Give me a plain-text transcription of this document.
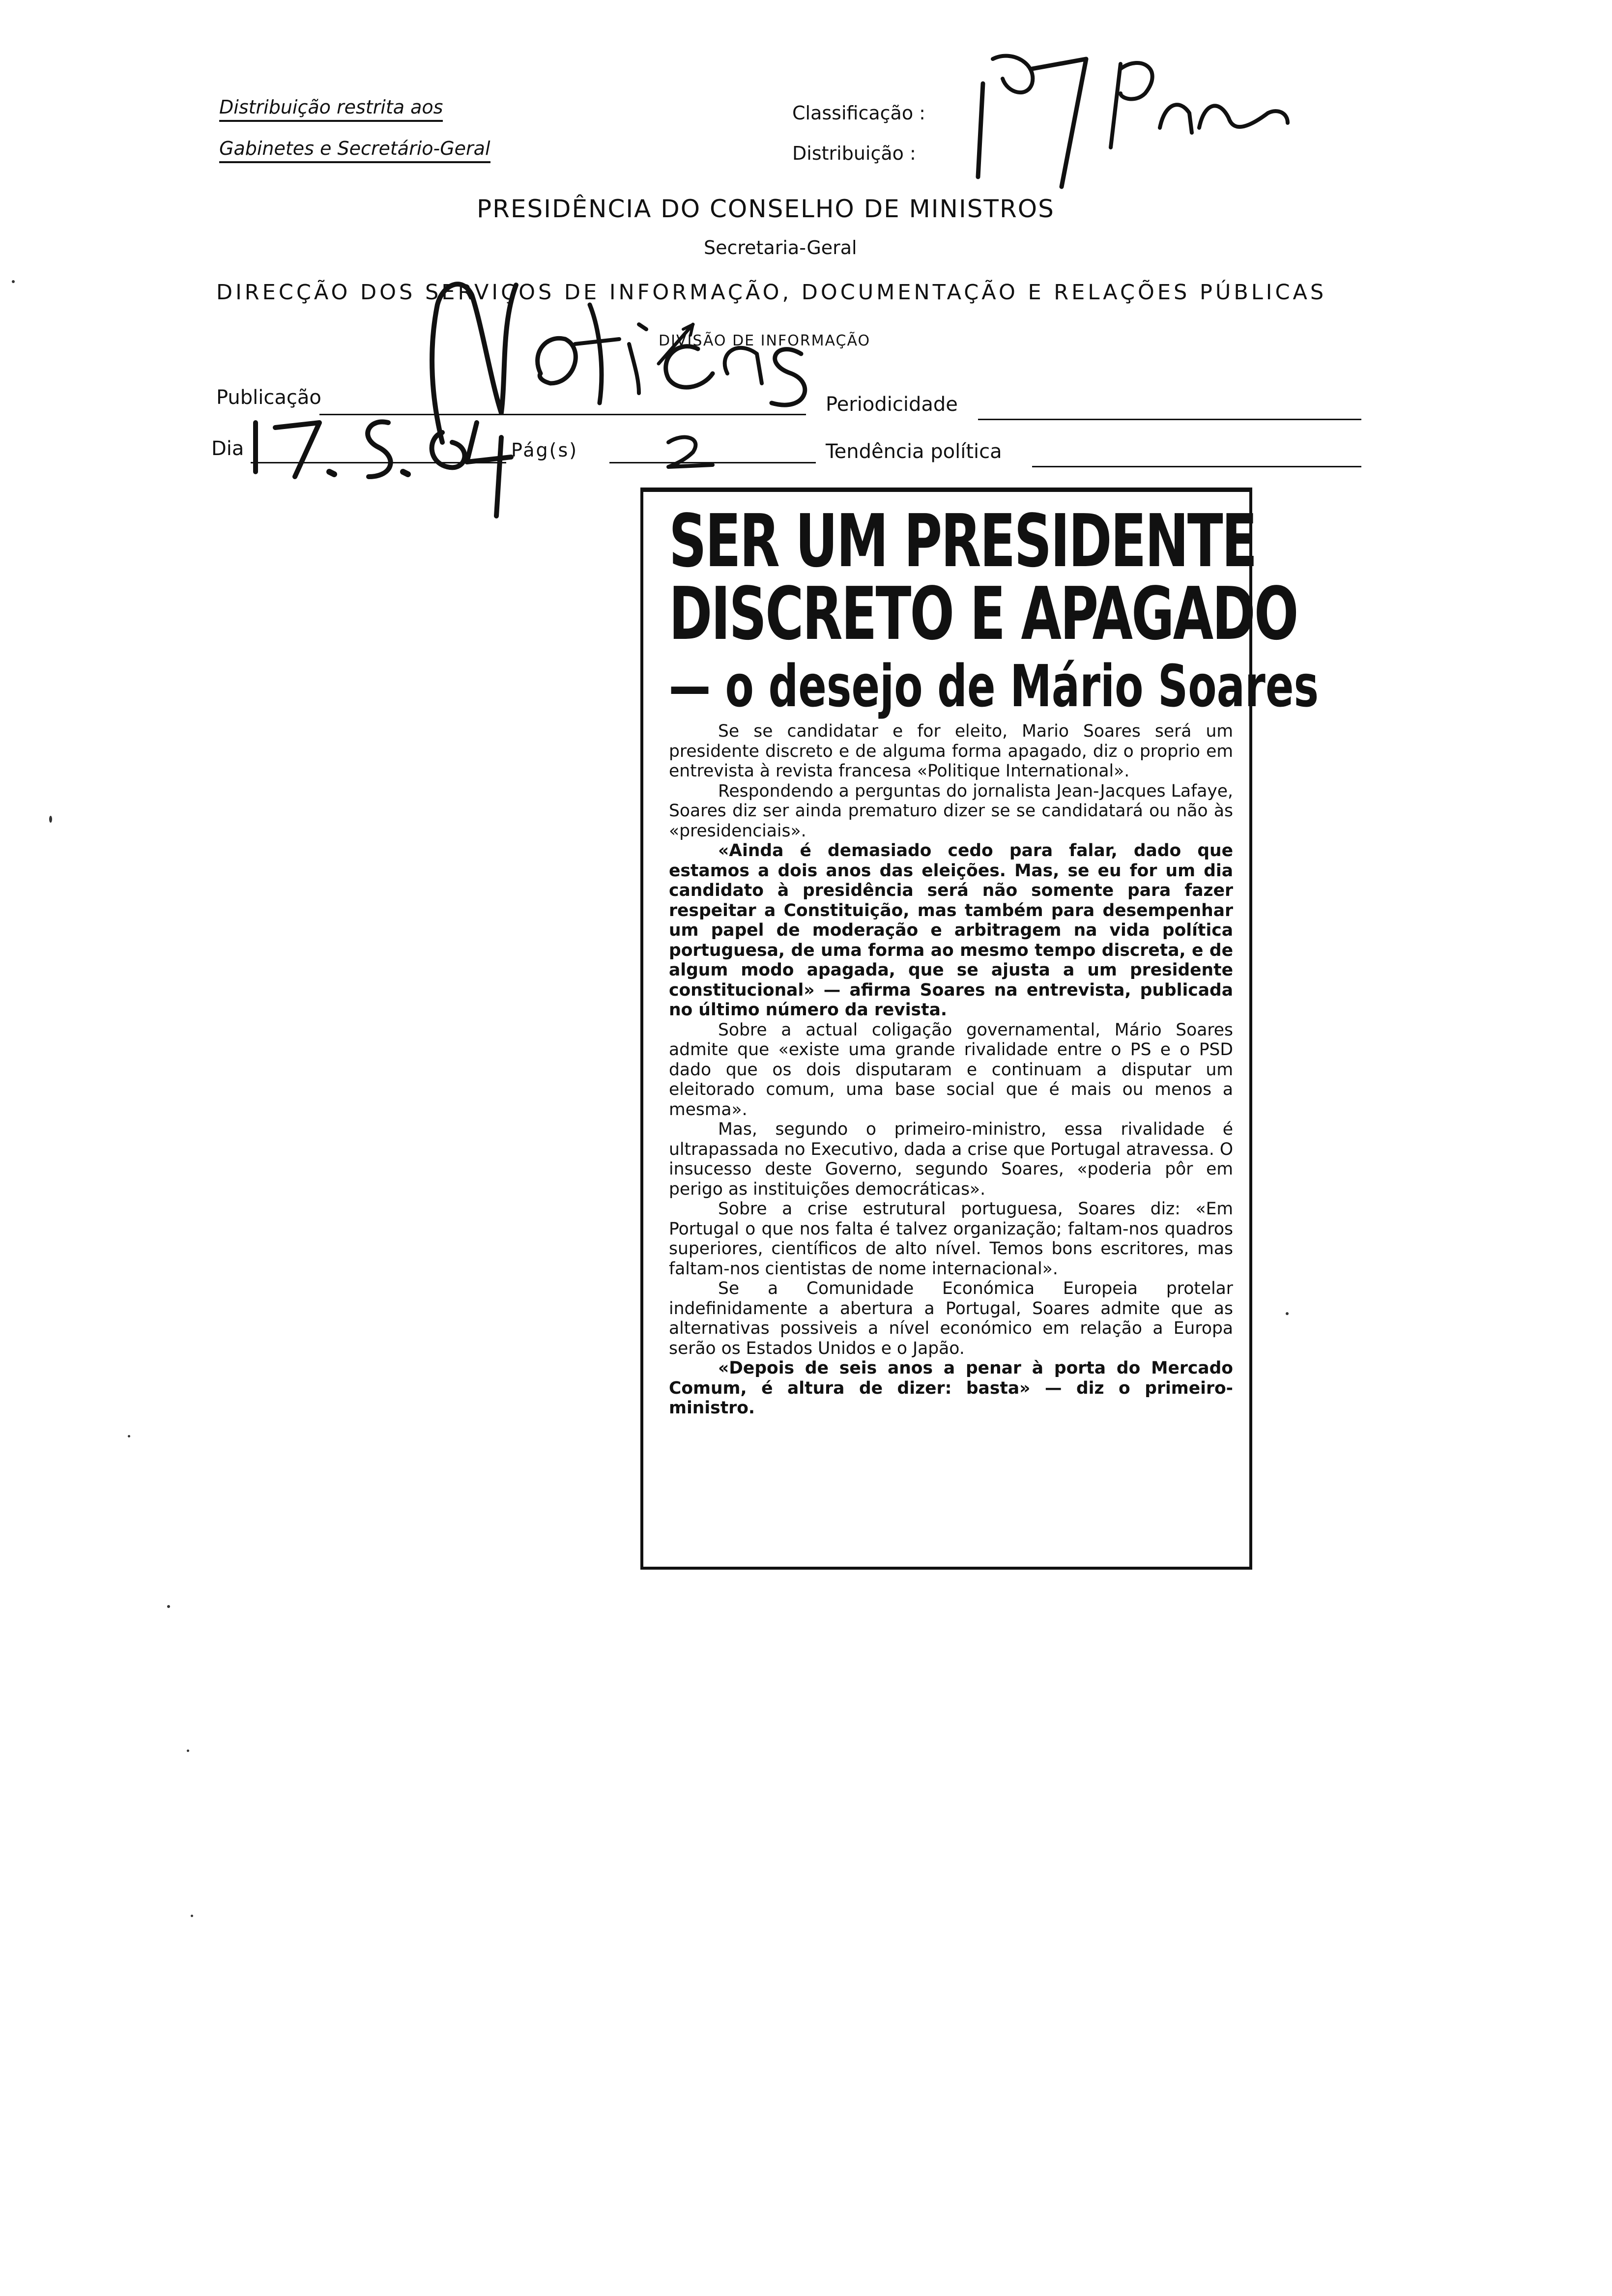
Distribuição restrita aos
Gabinetes e Secretário-Geral
Classificação :
Distribuição :
PRESIDÊNCIA DO CONSELHO DE MINISTROS
Secretaria-Geral
DIRECÇÃO DOS SERVIÇOS DE INFORMAÇÃO, DOCUMENTAÇÃO E RELAÇÕES PÚBLICAS
DIVISÃO DE INFORMAÇÃO
Publicação	Periodicidade
Dia	Pág(s)	Tendência política
SER UM PRESIDENTE
DISCRETO E APAGADO
— o desejo de Mário Soares

Se se candidatar e for eleito, Mario Soares será um presidente discreto e de alguma forma apagado, diz o proprio em entrevista à revista francesa «Politique International».

Respondendo a perguntas do jornalista Jean-Jacques Lafaye, Soares diz ser ainda prematuro dizer se se candidatará ou não às «presidenciais».

«Ainda é demasiado cedo para falar, dado que estamos a dois anos das eleições. Mas, se eu for um dia candidato à presidência será não somente para fazer respeitar a Constituição, mas também para desempenhar um papel de moderação e arbitragem na vida política portuguesa, de uma forma ao mesmo tempo discreta, e de algum modo apagada, que se ajusta a um presidente constitucional» — afirma Soares na entrevista, publicada no último número da revista.

Sobre a actual coligação governamental, Mário Soares admite que «existe uma grande rivalidade entre o PS e o PSD dado que os dois disputaram e continuam a disputar um eleitorado comum, uma base social que é mais ou menos a mesma».

Mas, segundo o primeiro-ministro, essa rivalidade é ultrapassada no Executivo, dada a crise que Portugal atravessa. O insucesso deste Governo, segundo Soares, «poderia pôr em perigo as instituições democráticas».

Sobre a crise estrutural portuguesa, Soares diz: «Em Portugal o que nos falta é talvez organização; faltam-nos quadros superiores, científicos de alto nível. Temos bons escritores, mas faltam-nos cientistas de nome internacional».

Se a Comunidade Económica Europeia protelar indefinidamente a abertura a Portugal, Soares admite que as alternativas possiveis a nível económico em relação a Europa serão os Estados Unidos e o Japão.

«Depois de seis anos a penar à porta do Mercado Comum, é altura de dizer: basta» — diz o primeiro-ministro.
